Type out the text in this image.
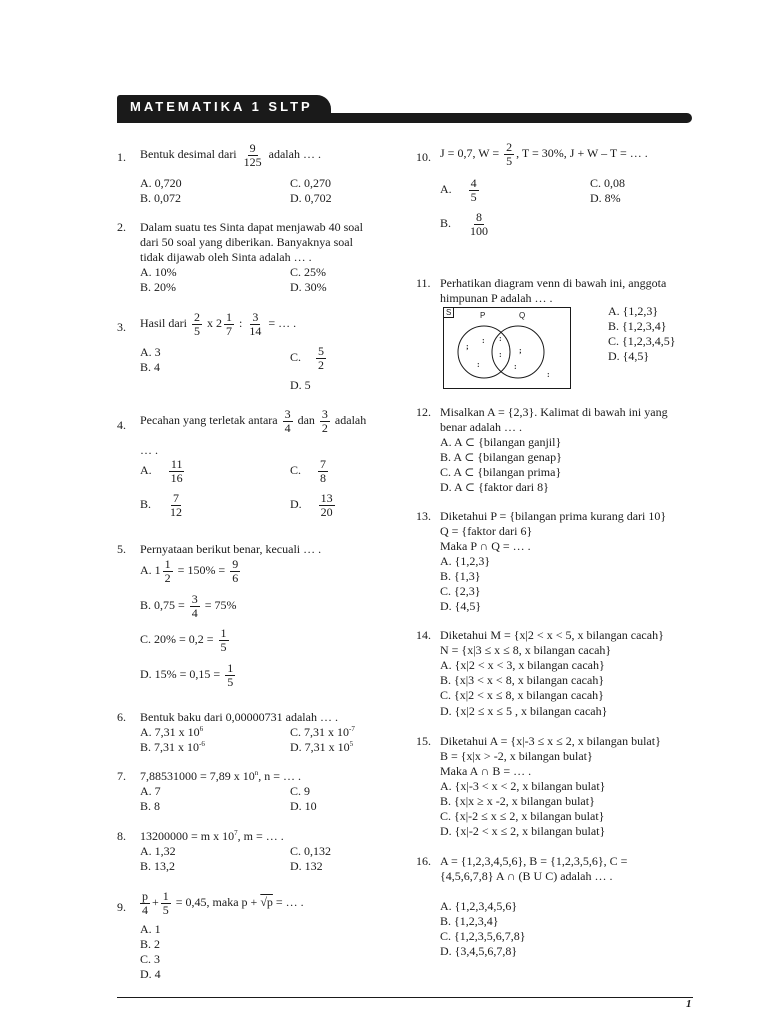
MATEMATIKA 1 SLTP
1. Bentuk desimal dari $\frac{9}{125}$ adalah … .
A. 0,720
B. 0,072
C. 0,270
D. 0,702
2. Dalam suatu tes Sinta dapat menjawab 40 soal
dari 50 soal yang diberikan. Banyaknya soal
tidak dijawab oleh Sinta adalah … .
A. 10%
B. 20%
C. 25%
D. 30%
3. Hasil dari $\frac{2}{5}$ x $2 \frac{1}{7}$ : $\frac{3}{14}$ = … .
A. 3
B. 4
C. $\frac{5}{2}$
D. 5
4. Pecahan yang terletak antara $\frac{3}{4}$ dan $\frac{3}{2}$ adalah
… .
A. $\frac{11}{16}$
B. $\frac{7}{12}$
C. $\frac{7}{8}$
D. $\frac{13}{20}$
5. Pernyataan berikut benar, kecuali … .
A. $1 \frac{1}{2} = 150\% = \frac{9}{6}$
B. $0,75 = \frac{3}{4} = 75\%$
C. $20\% = 0,2 = \frac{1}{5}$
D. $15\% = 0,15 = \frac{1}{5}$
6. Bentuk baku dari 0,00000731 adalah … .
A. 7,31 x $10^6$
B. 7,31 x $10^{-6}$
C. 7,31 x $10^{-7}$
D. 7,31 x $10^5$
7. 7,88531000 = 7,89 x 10$^n$, n = … .
A. 7
B. 8
C. 9
D. 10
8. 13200000 = m x $10^7$, m = … .
A. 1,32
B. 13,2
C. 0,132
D. 132
9. $\frac{p}{4} + \frac{1}{5} = 0,45$, maka p + √p = … .
A. 1
B. 2
C. 3
D. 4
10. J = 0,7, $W = \frac{2}{5}$ , T = 30%, J + W – T = … .
A. $\frac{4}{5}$
B. $\frac{8}{100}$
C. 0,08
D. 8%
11. Perhatikan diagram venn di bawah ini, anggota
himpunan P adalah … .
S	P	Q
;
:
:
:
: ;
:
:
A. {1,2,3}
B. {1,2,3,4}
C. {1,2,3,4,5}
D. {4,5}
12. Misalkan A = {2,3}. Kalimat di bawah ini yang
benar adalah … .
A. A ⊂ {bilangan ganjil}
B. A ⊂ {bilangan genap}
C. A ⊂ {bilangan prima}
D. A ⊂ {faktor dari 8}
13. Diketahui P = {bilangan prima kurang dari 10}
Q = {faktor dari 6}
Maka P ∩ Q = … .
A. {1,2,3}
B. {1,3}
C. {2,3}
D. {4,5}
14. Diketahui M = {x|2 < x < 5, x bilangan cacah}
N = {x|3 ≤ x ≤ 8, x bilangan cacah}
A. {x|2 < x < 3, x bilangan cacah}
B. {x|3 < x < 8, x bilangan cacah}
C. {x|2 < x ≤ 8, x bilangan cacah}
D. {x|2 ≤ x ≤ 5 , x bilangan cacah}
15. Diketahui A = {x|-3 ≤ x ≤ 2, x bilangan bulat}
B = {x|x > -2, x bilangan bulat}
Maka A ∩ B = … .
A. {x|-3 < x < 2, x bilangan bulat}
B. {x|x ≥ x -2, x bilangan bulat}
C. {x|-2 ≤ x ≤ 2, x bilangan bulat}
D. {x|-2 < x ≤ 2, x bilangan bulat}
16. A = {1,2,3,4,5,6}, B = {1,2,3,5,6}, C =
{4,5,6,7,8} A ∩ (B U C) adalah … .
A. {1,2,3,4,5,6}
B. {1,2,3,4}
C. {1,2,3,5,6,7,8}
D. {3,4,5,6,7,8}
1
